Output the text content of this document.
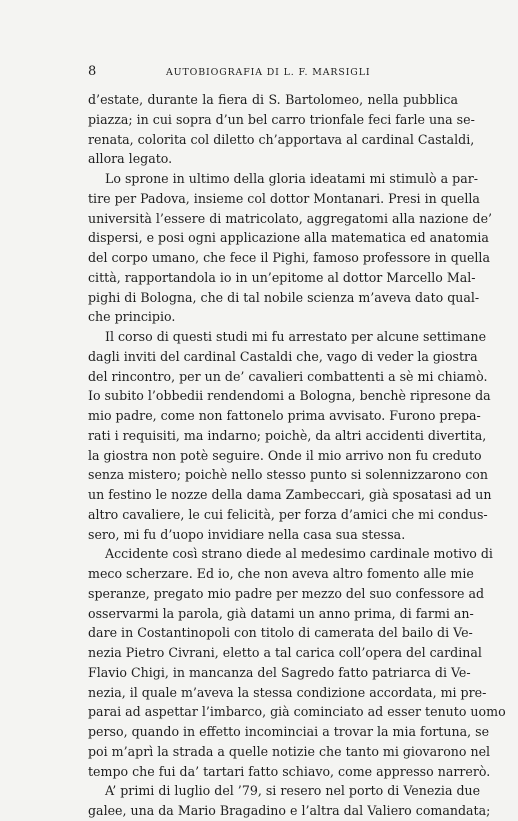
8	AUTOBIOGRAFIA DI L. F. MARSIGLI
d’estate, durante la fiera di S. Bartolomeo, nella pubblica
piazza; in cui sopra d’un bel carro trionfale feci farle una se-
renata, colorita col diletto ch’apportava al cardinal Castaldi,
allora legato.
Lo sprone in ultimo della gloria ideatami mi stimulò a par-
tire per Padova, insieme col dottor Montanari. Presi in quella
università l’essere di matricolato, aggregatomi alla nazione de’
dispersi, e posi ogni applicazione alla matematica ed anatomia
del corpo umano, che fece il Pighi, famoso professore in quella
città, rapportandola io in un’epitome al dottor Marcello Mal-
pighi di Bologna, che di tal nobile scienza m’aveva dato qual-
che principio.
Il corso di questi studi mi fu arrestato per alcune settimane
dagli inviti del cardinal Castaldi che, vago di veder la giostra
del rincontro, per un de’ cavalieri combattenti a sè mi chiamò.
Io subito l’obbedii rendendomi a Bologna, benchè ripresone da
mio padre, come non fattonelo prima avvisato. Furono prepa-
rati i requisiti, ma indarno; poichè, da altri accidenti divertita,
la giostra non potè seguire. Onde il mio arrivo non fu creduto
senza mistero; poichè nello stesso punto si solennizzarono con
un festino le nozze della dama Zambeccari, già sposatasi ad un
altro cavaliere, le cui felicità, per forza d’amici che mi condus-
sero, mi fu d’uopo invidiare nella casa sua stessa.
Accidente così strano diede al medesimo cardinale motivo di
meco scherzare. Ed io, che non aveva altro fomento alle mie
speranze, pregato mio padre per mezzo del suo confessore ad
osservarmi la parola, già datami un anno prima, di farmi an-
dare in Costantinopoli con titolo di camerata del bailo di Ve-
nezia Pietro Civrani, eletto a tal carica coll’opera del cardinal
Flavio Chigi, in mancanza del Sagredo fatto patriarca di Ve-
nezia, il quale m’aveva la stessa condizione accordata, mi pre-
parai ad aspettar l’imbarco, già cominciato ad esser tenuto uomo
perso, quando in effetto incominciai a trovar la mia fortuna, se
poi m’aprì la strada a quelle notizie che tanto mi giovarono nel
tempo che fui da’ tartari fatto schiavo, come appresso narrerò.
A’ primi di luglio del ’79, si resero nel porto di Venezia due
galee, una da Mario Bragadino e l’altra dal Valiero comandata;
